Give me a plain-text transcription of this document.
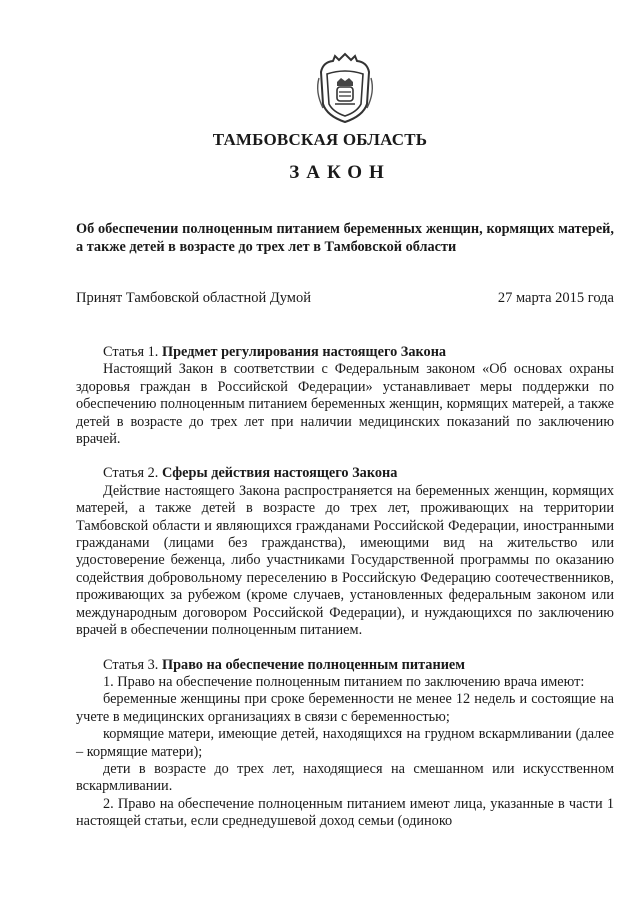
ТАМБОВСКАЯ ОБЛАСТЬ
ЗАКОН
Об обеспечении полноценным питанием беременных женщин, кормящих матерей, а также детей в возрасте до трех лет в Тамбовской области
Принят Тамбовской областной Думой	27 марта 2015 года

Статья 1. Предмет регулирования настоящего Закона

Настоящий Закон в соответствии с Федеральным законом «Об основах охраны здоровья граждан в Российской Федерации» устанавливает меры поддержки по обеспечению полноценным питанием беременных женщин, кормящих матерей, а также детей в возрасте до трех лет при наличии медицинских показаний по заключению врачей.

Статья 2. Сферы действия настоящего Закона

Действие настоящего Закона распространяется на беременных женщин, кормящих матерей, а также детей в возрасте до трех лет, проживающих на территории Тамбовской области и являющихся гражданами Российской Федерации, иностранными гражданами (лицами без гражданства), имеющими вид на жительство или удостоверение беженца, либо участниками Государственной программы по оказанию содействия добровольному переселению в Российскую Федерацию соотечественников, проживающих за рубежом (кроме случаев, установленных федеральным законом или международным договором Российской Федерации), и нуждающихся по заключению врачей в обеспечении полноценным питанием.

Статья 3. Право на обеспечение полноценным питанием

1. Право на обеспечение полноценным питанием по заключению врача имеют:

беременные женщины при сроке беременности не менее 12 недель и состоящие на учете в медицинских организациях в связи с беременностью;

кормящие матери, имеющие детей, находящихся на грудном вскармливании (далее – кормящие матери);

дети в возрасте до трех лет, находящиеся на смешанном или искусственном вскармливании.

2. Право на обеспечение полноценным питанием имеют лица, указанные в части 1 настоящей статьи, если среднедушевой доход семьи (одиноко
